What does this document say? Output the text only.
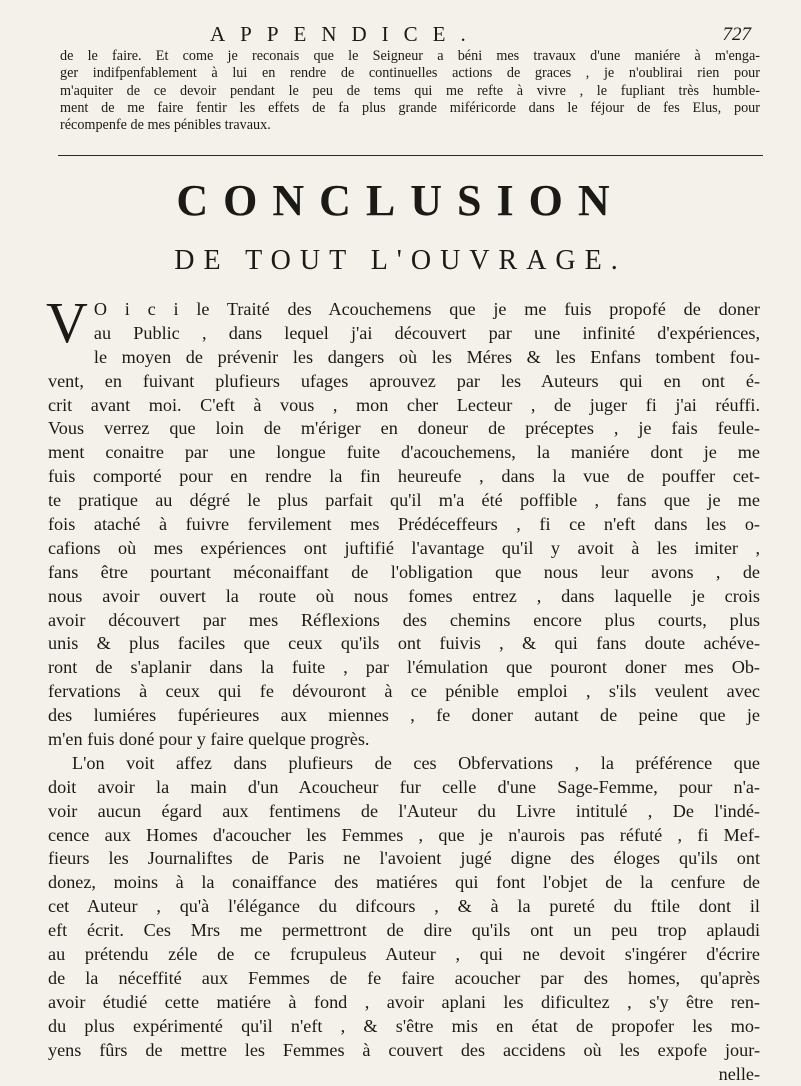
APPENDICE.	727
de le faire. Et come je reconais que le Seigneur a béni mes travaux d'une maniére à m'enga-
ger indifpenfablement à lui en rendre de continuelles actions de graces , je n'oublirai rien pour
m'aquiter de ce devoir pendant le peu de tems qui me refte à vivre , le fupliant très humble-
ment de me faire fentir les effets de fa plus grande miféricorde dans le féjour de fes Elus, pour
récompenfe de mes pénibles travaux.
CONCLUSION
DE TOUT L'OUVRAGE.
V O i c i le Traité des Acouchemens que je me fuis propofé de doner
au Public , dans lequel j'ai découvert par une infinité d'expériences,
le moyen de prévenir les dangers où les Méres & les Enfans tombent fou-
vent, en fuivant plufieurs ufages aprouvez par les Auteurs qui en ont é-
crit avant moi. C'eft à vous , mon cher Lecteur , de juger fi j'ai réuffi.
Vous verrez que loin de m'ériger en doneur de préceptes , je fais feule-
ment conaitre par une longue fuite d'acouchemens, la maniére dont je me
fuis comporté pour en rendre la fin heureufe , dans la vue de pouffer cet-
te pratique au dégré le plus parfait qu'il m'a été poffible , fans que je me
fois ataché à fuivre fervilement mes Prédéceffeurs , fi ce n'eft dans les o-
cafions où mes expériences ont juftifié l'avantage qu'il y avoit à les imiter ,
fans être pourtant méconaiffant de l'obligation que nous leur avons , de
nous avoir ouvert la route où nous fomes entrez , dans laquelle je crois
avoir découvert par mes Réflexions des chemins encore plus courts, plus
unis & plus faciles que ceux qu'ils ont fuivis , & qui fans doute achéve-
ront de s'aplanir dans la fuite , par l'émulation que pouront doner mes Ob-
fervations à ceux qui fe dévouront à ce pénible emploi , s'ils veulent avec
des lumiéres fupérieures aux miennes , fe doner autant de peine que je
m'en fuis doné pour y faire quelque progrès.
L'on voit affez dans plufieurs de ces Obfervations , la préférence que
doit avoir la main d'un Acoucheur fur celle d'une Sage-Femme, pour n'a-
voir aucun égard aux fentimens de l'Auteur du Livre intitulé , De l'indé-
cence aux Homes d'acoucher les Femmes , que je n'aurois pas réfuté , fi Mef-
fieurs les Journaliftes de Paris ne l'avoient jugé digne des éloges qu'ils ont
donez, moins à la conaiffance des matiéres qui font l'objet de la cenfure de
cet Auteur , qu'à l'élégance du difcours , & à la pureté du ftile dont il
eft écrit. Ces Mrs me permettront de dire qu'ils ont un peu trop aplaudi
au prétendu zéle de ce fcrupuleus Auteur , qui ne devoit s'ingérer d'écrire
de la néceffité aux Femmes de fe faire acoucher par des homes, qu'après
avoir étudié cette matiére à fond , avoir aplani les dificultez , s'y être ren-
du plus expérimenté qu'il n'eft , & s'être mis en état de propofer les mo-
yens fûrs de mettre les Femmes à couvert des accidens où les expofe jour-
nelle-
